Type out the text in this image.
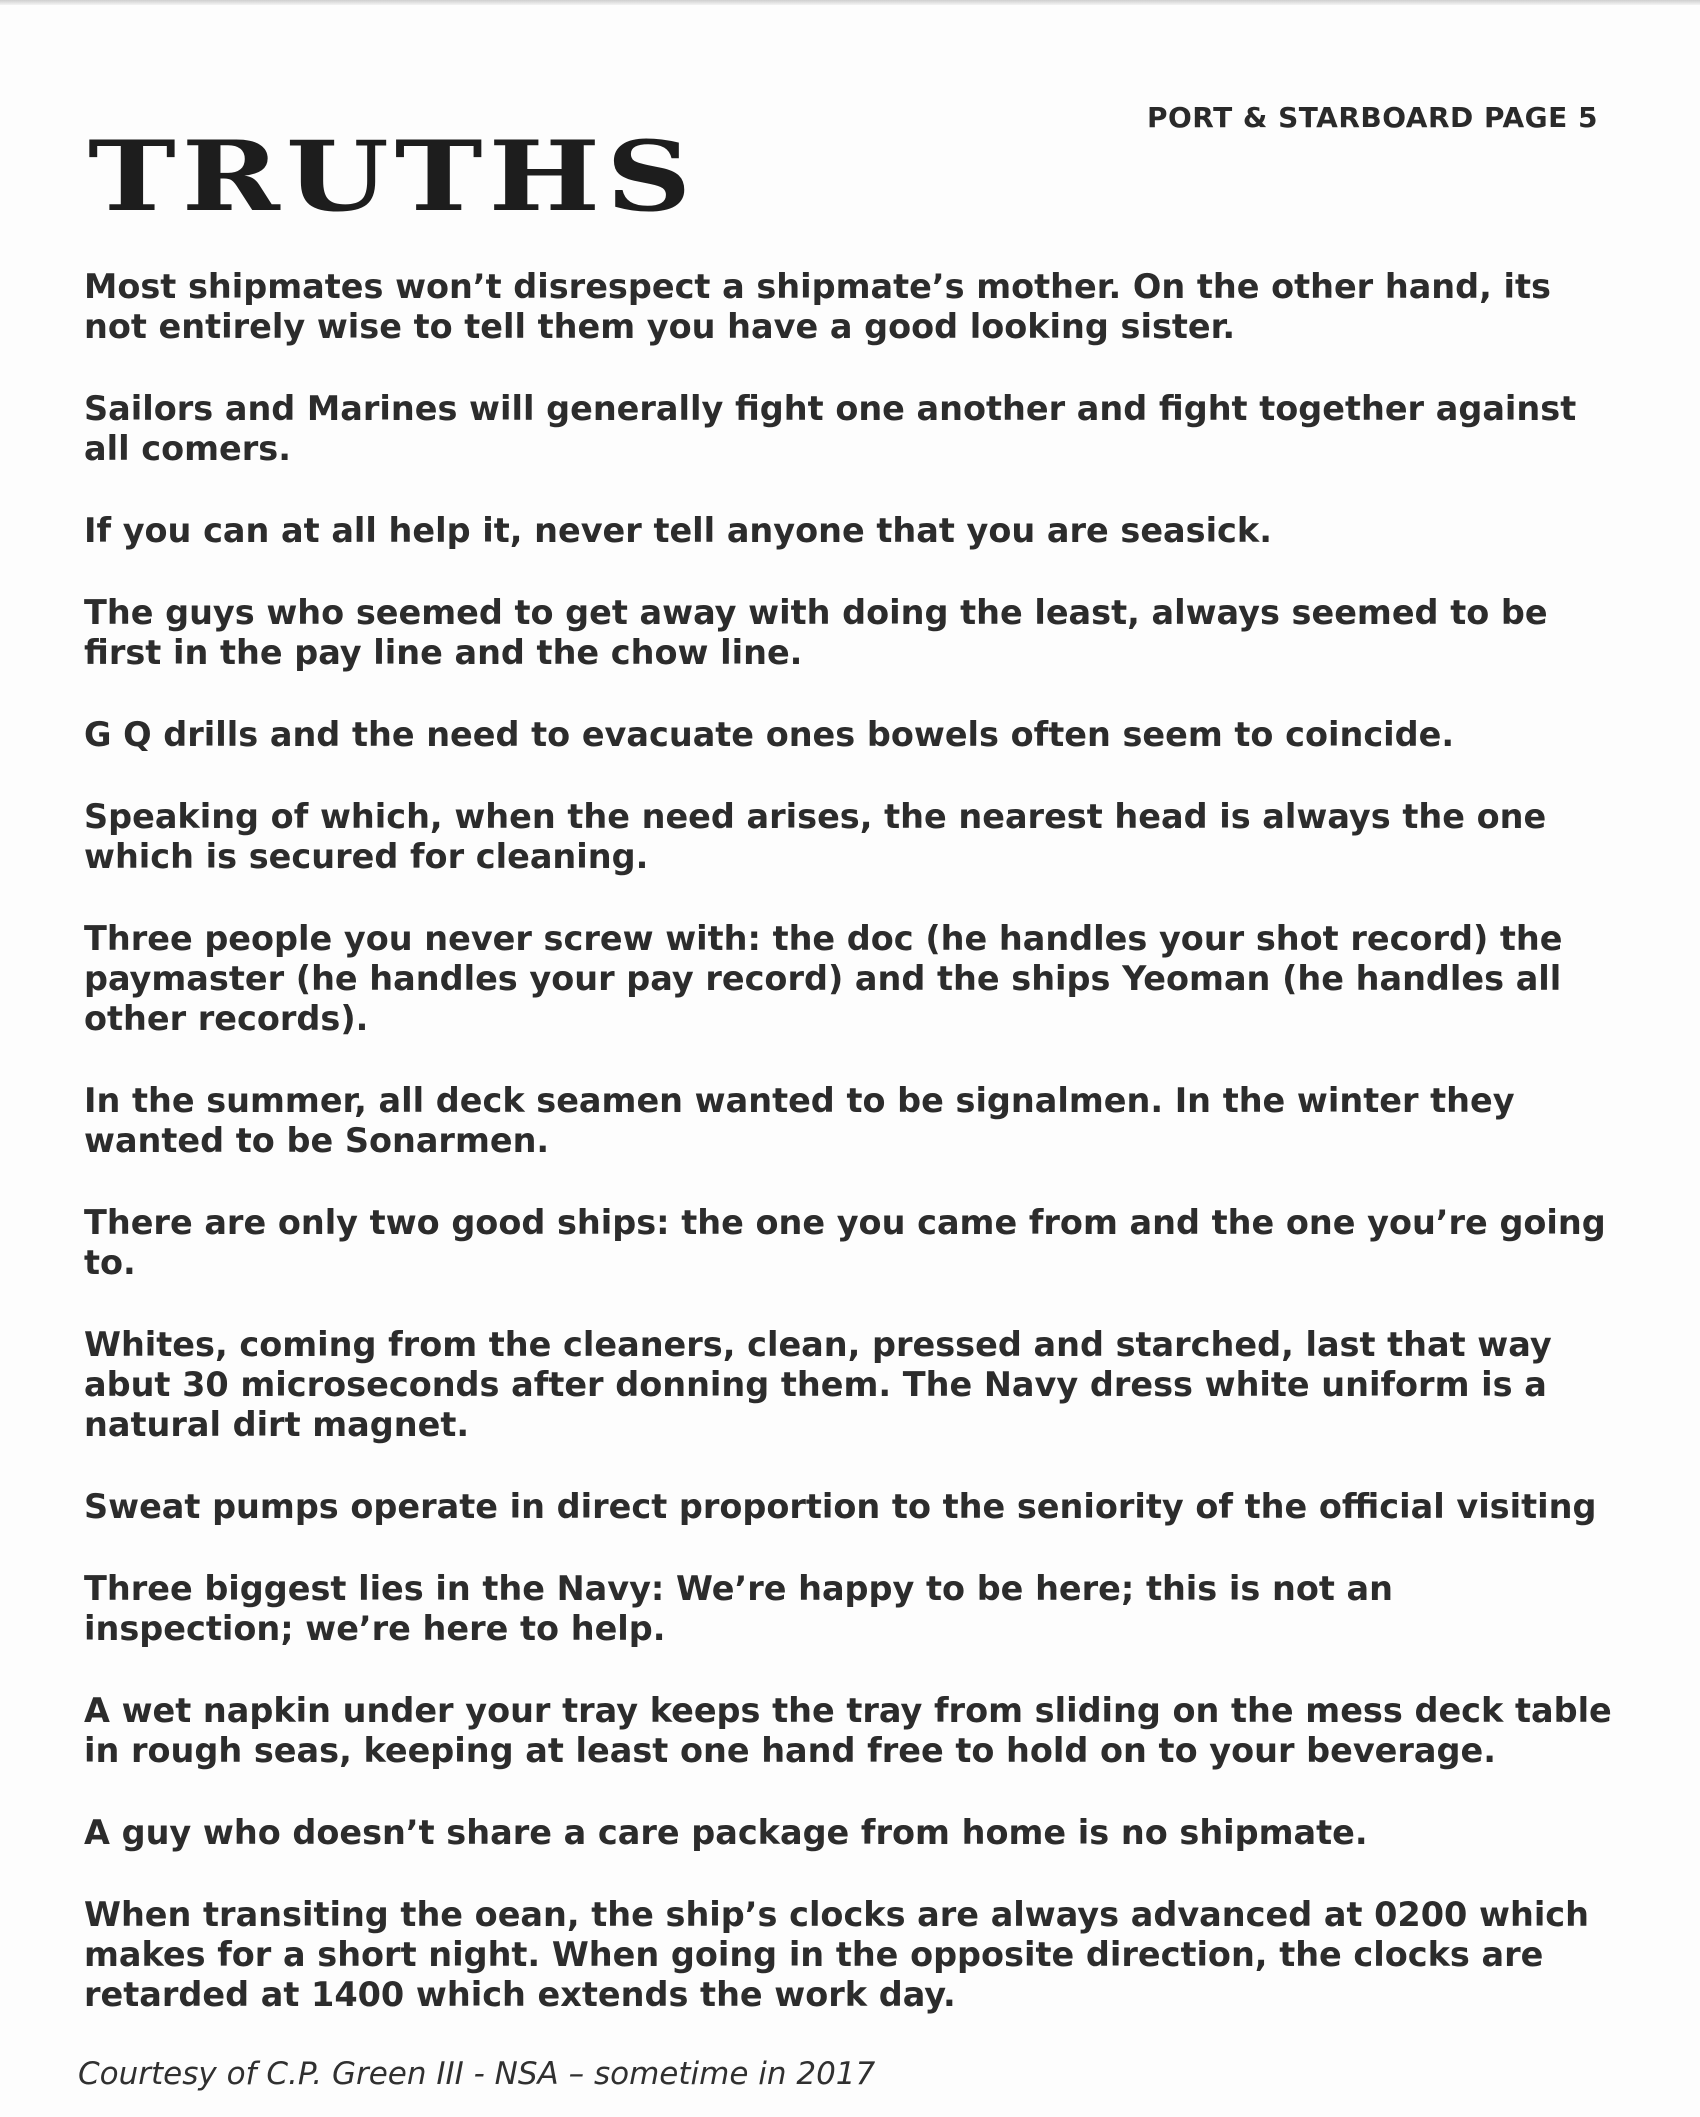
PORT & STARBOARD PAGE 5
TRUTHS
Most shipmates won’t disrespect a shipmate’s mother. On the other hand, its not entirely wise to tell them you have a good looking sister.
Sailors and Marines will generally fight one another and fight together against all comers.
If you can at all help it, never tell anyone that you are seasick.
The guys who seemed to get away with doing the least, always seemed to be first in the pay line and the chow line.
G Q drills and the need to evacuate ones bowels often seem to coincide.
Speaking of which, when the need arises, the nearest head is always the one which is secured for cleaning.
Three people you never screw with: the doc (he handles your shot record) the paymaster (he handles your pay record) and the ships Yeoman (he handles all other records).
In the summer, all deck seamen wanted to be signalmen. In the winter they wanted to be Sonarmen.
There are only two good ships: the one you came from and the one you’re going to.
Whites, coming from the cleaners, clean, pressed and starched, last that way abut 30 microseconds after donning them. The Navy dress white uniform is a natural dirt magnet.
Sweat pumps operate in direct proportion to the seniority of the official visiting
Three biggest lies in the Navy: We’re happy to be here; this is not an inspection; we’re here to help.
A wet napkin under your tray keeps the tray from sliding on the mess deck table in rough seas, keeping at least one hand free to hold on to your beverage.
A guy who doesn’t share a care package from home is no shipmate.
When transiting the oean, the ship’s clocks are always advanced at 0200 which makes for a short night. When going in the opposite direction, the clocks are retarded at 1400 which extends the work day.
Courtesy of C.P. Green III - NSA – sometime in 2017
